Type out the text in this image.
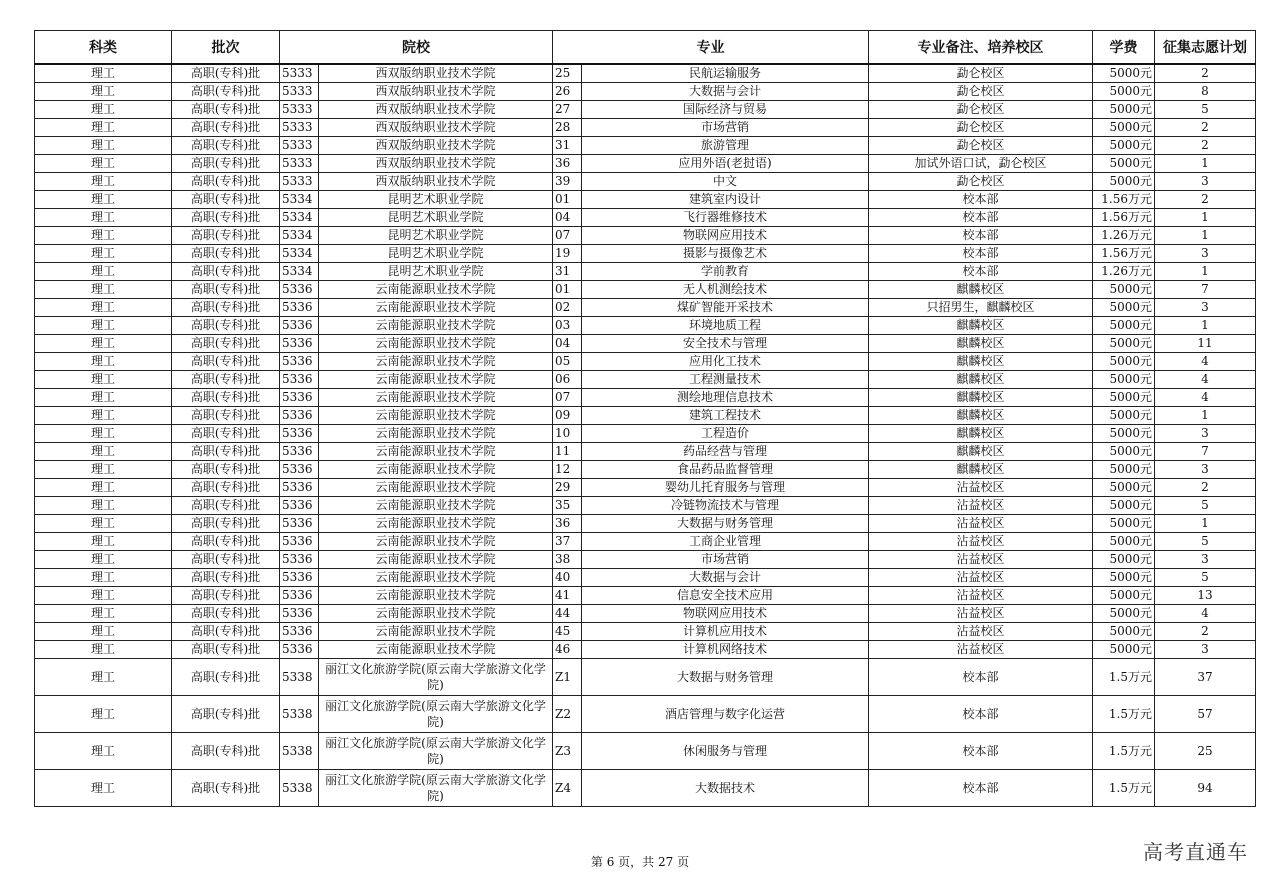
科类	批次	院校		专业		专业备注、培养校区	学费	征集志愿计划
理工	高职(专科)批	5333	西双版纳职业技术学院	25	民航运输服务	勐仑校区	5000元	2
理工	高职(专科)批	5333	西双版纳职业技术学院	26	大数据与会计	勐仑校区	5000元	8
理工	高职(专科)批	5333	西双版纳职业技术学院	27	国际经济与贸易	勐仑校区	5000元	5
理工	高职(专科)批	5333	西双版纳职业技术学院	28	市场营销	勐仑校区	5000元	2
理工	高职(专科)批	5333	西双版纳职业技术学院	31	旅游管理	勐仑校区	5000元	2
理工	高职(专科)批	5333	西双版纳职业技术学院	36	应用外语(老挝语)	加试外语口试，勐仑校区	5000元	1
理工	高职(专科)批	5333	西双版纳职业技术学院	39	中文	勐仑校区	5000元	3
理工	高职(专科)批	5334	昆明艺术职业学院	01	建筑室内设计	校本部	1.56万元	2
理工	高职(专科)批	5334	昆明艺术职业学院	04	飞行器维修技术	校本部	1.56万元	1
理工	高职(专科)批	5334	昆明艺术职业学院	07	物联网应用技术	校本部	1.26万元	1
理工	高职(专科)批	5334	昆明艺术职业学院	19	摄影与摄像艺术	校本部	1.56万元	3
理工	高职(专科)批	5334	昆明艺术职业学院	31	学前教育	校本部	1.26万元	1
理工	高职(专科)批	5336	云南能源职业技术学院	01	无人机测绘技术	麒麟校区	5000元	7
理工	高职(专科)批	5336	云南能源职业技术学院	02	煤矿智能开采技术	只招男生，麒麟校区	5000元	3
理工	高职(专科)批	5336	云南能源职业技术学院	03	环境地质工程	麒麟校区	5000元	1
理工	高职(专科)批	5336	云南能源职业技术学院	04	安全技术与管理	麒麟校区	5000元	11
理工	高职(专科)批	5336	云南能源职业技术学院	05	应用化工技术	麒麟校区	5000元	4
理工	高职(专科)批	5336	云南能源职业技术学院	06	工程测量技术	麒麟校区	5000元	4
理工	高职(专科)批	5336	云南能源职业技术学院	07	测绘地理信息技术	麒麟校区	5000元	4
理工	高职(专科)批	5336	云南能源职业技术学院	09	建筑工程技术	麒麟校区	5000元	1
理工	高职(专科)批	5336	云南能源职业技术学院	10	工程造价	麒麟校区	5000元	3
理工	高职(专科)批	5336	云南能源职业技术学院	11	药品经营与管理	麒麟校区	5000元	7
理工	高职(专科)批	5336	云南能源职业技术学院	12	食品药品监督管理	麒麟校区	5000元	3
理工	高职(专科)批	5336	云南能源职业技术学院	29	婴幼儿托育服务与管理	沾益校区	5000元	2
理工	高职(专科)批	5336	云南能源职业技术学院	35	冷链物流技术与管理	沾益校区	5000元	5
理工	高职(专科)批	5336	云南能源职业技术学院	36	大数据与财务管理	沾益校区	5000元	1
理工	高职(专科)批	5336	云南能源职业技术学院	37	工商企业管理	沾益校区	5000元	5
理工	高职(专科)批	5336	云南能源职业技术学院	38	市场营销	沾益校区	5000元	3
理工	高职(专科)批	5336	云南能源职业技术学院	40	大数据与会计	沾益校区	5000元	5
理工	高职(专科)批	5336	云南能源职业技术学院	41	信息安全技术应用	沾益校区	5000元	13
理工	高职(专科)批	5336	云南能源职业技术学院	44	物联网应用技术	沾益校区	5000元	4
理工	高职(专科)批	5336	云南能源职业技术学院	45	计算机应用技术	沾益校区	5000元	2
理工	高职(专科)批	5336	云南能源职业技术学院	46	计算机网络技术	沾益校区	5000元	3
理工	高职(专科)批	5338	丽江文化旅游学院(原云南大学旅游文化学院)	Z1	大数据与财务管理	校本部	1.5万元	37
理工	高职(专科)批	5338	丽江文化旅游学院(原云南大学旅游文化学院)	Z2	酒店管理与数字化运营	校本部	1.5万元	57
理工	高职(专科)批	5338	丽江文化旅游学院(原云南大学旅游文化学院)	Z3	休闲服务与管理	校本部	1.5万元	25
理工	高职(专科)批	5338	丽江文化旅游学院(原云南大学旅游文化学院)	Z4	大数据技术	校本部	1.5万元	94
第 6 页，共 27 页	高考直通车
